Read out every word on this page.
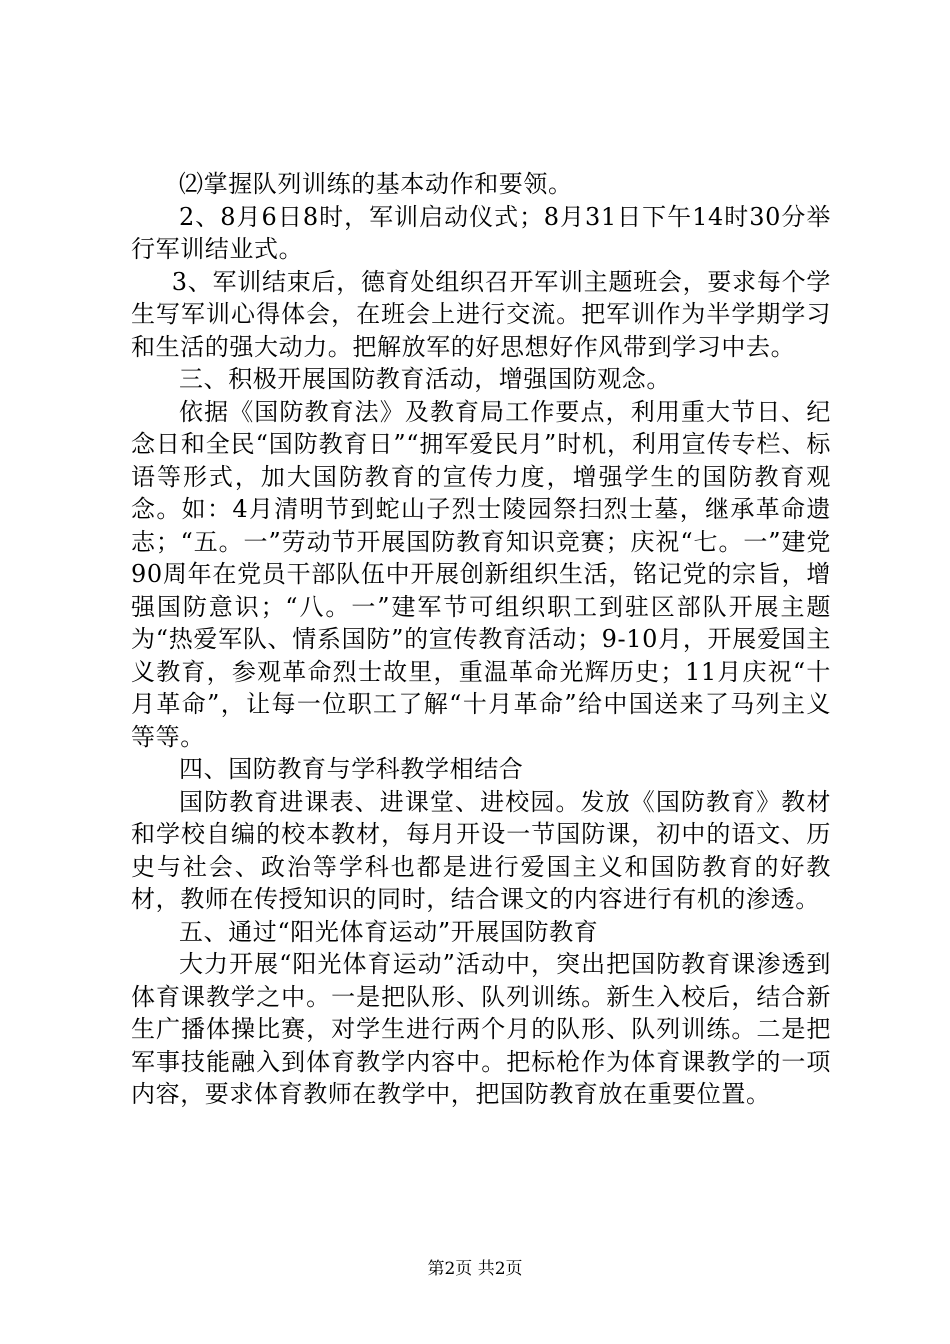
⑵掌握队列训练的基本动作和要领。

2、8月6日8时，军训启动仪式；8月31日下午14时30分举行军训结业式。

3、军训结束后，德育处组织召开军训主题班会，要求每个学生写军训心得体会，在班会上进行交流。把军训作为半学期学习和生活的强大动力。把解放军的好思想好作风带到学习中去。

三、积极开展国防教育活动，增强国防观念。

依据《国防教育法》及教育局工作要点，利用重大节日、纪念日和全民“国防教育日”“拥军爱民月”时机，利用宣传专栏、标语等形式，加大国防教育的宣传力度，增强学生的国防教育观念。如：4月清明节到蛇山子烈士陵园祭扫烈士墓，继承革命遗志；“五。一”劳动节开展国防教育知识竞赛；庆祝“七。一”建党90周年在党员干部队伍中开展创新组织生活，铭记党的宗旨，增强国防意识；“八。一”建军节可组织职工到驻区部队开展主题为“热爱军队、情系国防”的宣传教育活动；9-10月，开展爱国主义教育，参观革命烈士故里，重温革命光辉历史；11月庆祝“十月革命”，让每一位职工了解“十月革命”给中国送来了马列主义等等。

四、国防教育与学科教学相结合

国防教育进课表、进课堂、进校园。发放《国防教育》教材和学校自编的校本教材，每月开设一节国防课，初中的语文、历史与社会、政治等学科也都是进行爱国主义和国防教育的好教材，教师在传授知识的同时，结合课文的内容进行有机的渗透。

五、通过“阳光体育运动”开展国防教育

大力开展“阳光体育运动”活动中，突出把国防教育课渗透到体育课教学之中。一是把队形、队列训练。新生入校后，结合新生广播体操比赛，对学生进行两个月的队形、队列训练。二是把军事技能融入到体育教学内容中。把标枪作为体育课教学的一项内容，要求体育教师在教学中，把国防教育放在重要位置。

第2页 共2页
